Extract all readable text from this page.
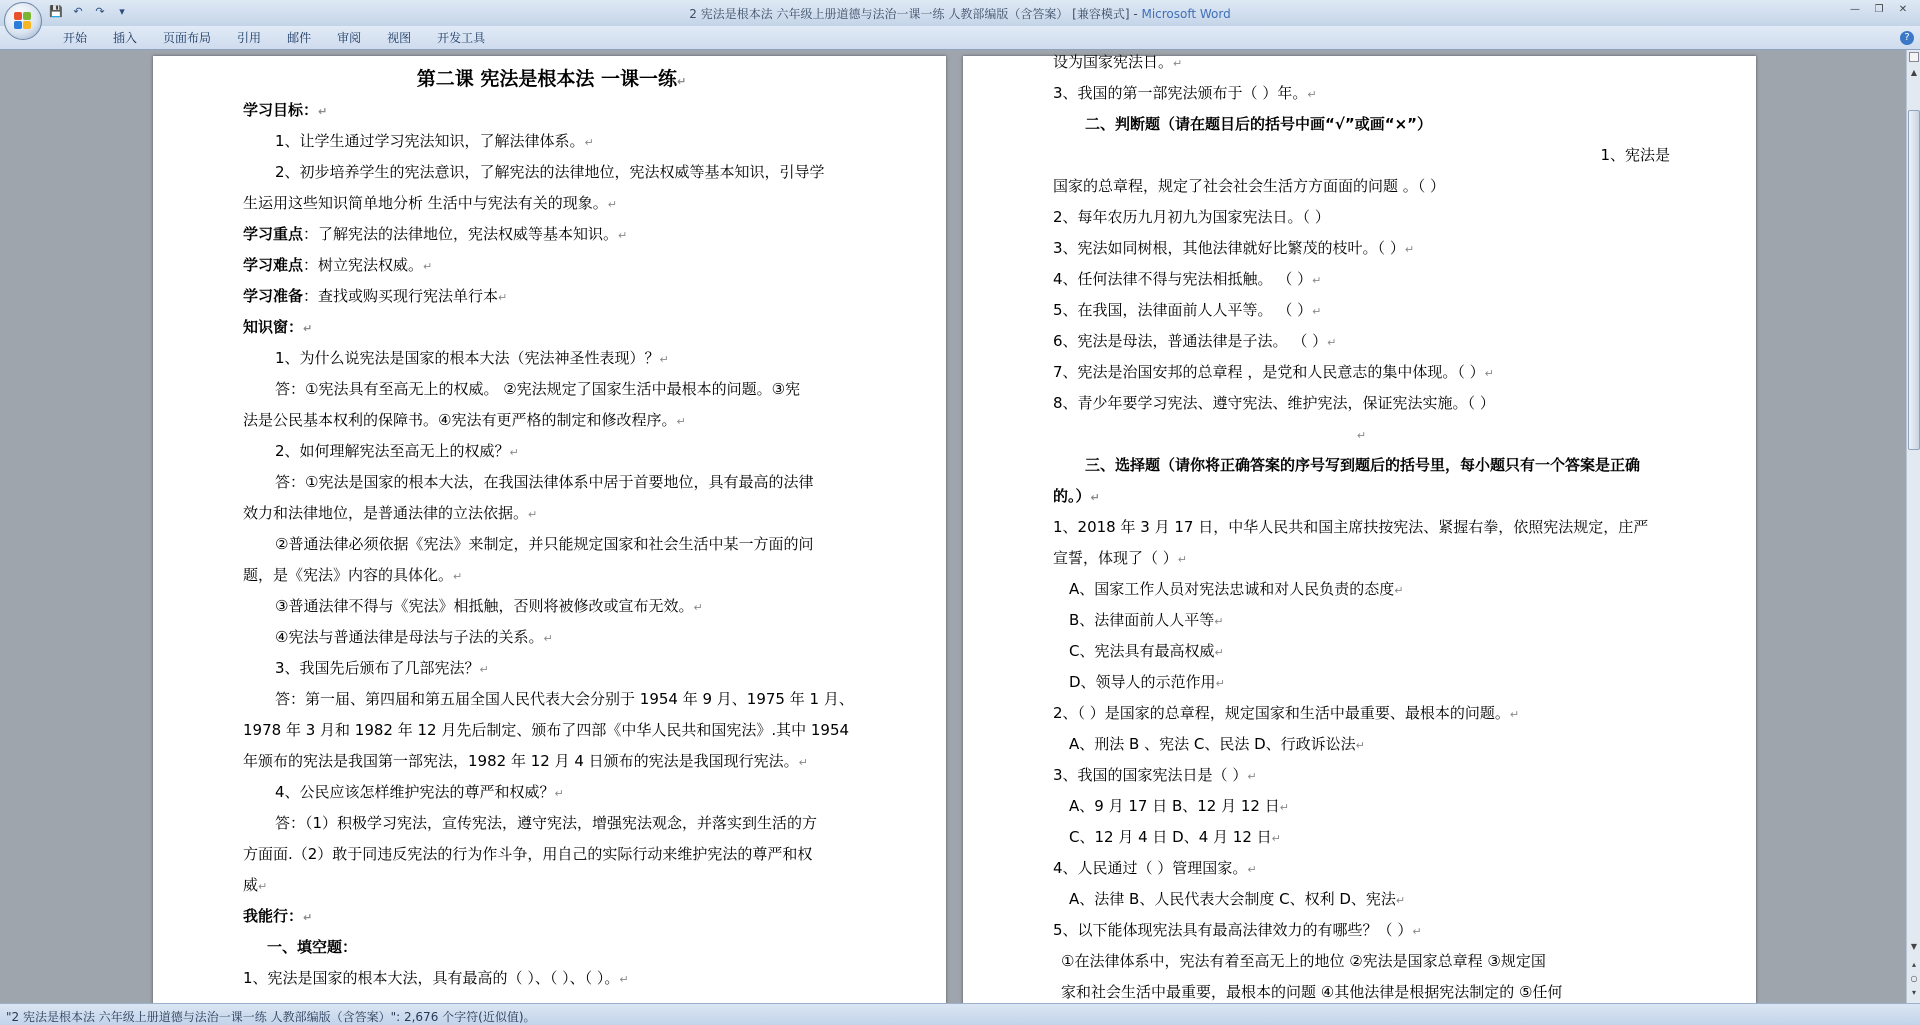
💾 ↶	↷	▾	2 宪法是根本法 六年级上册道德与法治一课一练 人教部编版（含答案） [兼容模式] - Microsoft Word	—	❐	✕
开始	插入	页面布局	引用	邮件	审阅	视图	开发工具	?
第二课 宪法是根本法 一课一练↵
学习目标：↵
1、让学生通过学习宪法知识，了解法律体系。↵
2、初步培养学生的宪法意识，了解宪法的法律地位，宪法权威等基本知识，引导学
生运用这些知识简单地分析 生活中与宪法有关的现象。↵
学习重点：了解宪法的法律地位，宪法权威等基本知识。↵
学习难点：树立宪法权威。↵
学习准备：查找或购买现行宪法单行本↵
知识窗：↵
1、为什么说宪法是国家的根本大法（宪法神圣性表现）？↵
答：①宪法具有至高无上的权威。 ②宪法规定了国家生活中最根本的问题。③宪
法是公民基本权利的保障书。④宪法有更严格的制定和修改程序。↵
2、如何理解宪法至高无上的权威？↵
答：①宪法是国家的根本大法，在我国法律体系中居于首要地位，具有最高的法律
效力和法律地位，是普通法律的立法依据。↵
②普通法律必须依据《宪法》来制定，并只能规定国家和社会生活中某一方面的问
题，是《宪法》内容的具体化。↵
③普通法律不得与《宪法》相抵触，否则将被修改或宣布无效。↵
④宪法与普通法律是母法与子法的关系。↵
3、我国先后颁布了几部宪法？↵
答：第一届、第四届和第五届全国人民代表大会分别于 1954 年 9 月、1975 年 1 月、
1978 年 3 月和 1982 年 12 月先后制定、颁布了四部《中华人民共和国宪法》.其中 1954
年颁布的宪法是我国第一部宪法，1982 年 12 月 4 日颁布的宪法是我国现行宪法。↵
4、公民应该怎样维护宪法的尊严和权威？↵
答：（1）积极学习宪法，宣传宪法，遵守宪法，增强宪法观念，并落实到生活的方
方面面.（2）敢于同违反宪法的行为作斗争，用自己的实际行动来维护宪法的尊严和权
威↵
我能行：↵
一、填空题：
1、宪法是国家的根本大法，具有最高的（ ）、（ ）、（ ）。↵
设为国家宪法日。↵
3、我国的第一部宪法颁布于（ ）年。↵
二、判断题（请在题目后的括号中画“√”或画“×”）
1、宪法是
国家的总章程，规定了社会社会生活方方面面的问题 。（ ）
2、每年农历九月初九为国家宪法日。（ ）
3、宪法如同树根，其他法律就好比繁茂的枝叶。（ ）↵
4、任何法律不得与宪法相抵触。 （ ）↵
5、在我国，法律面前人人平等。 （ ）↵
6、宪法是母法，普通法律是子法。 （ ）↵
7、宪法是治国安邦的总章程 ，是党和人民意志的集中体现。（ ）↵
8、青少年要学习宪法、遵守宪法、维护宪法，保证宪法实施。（ ）
↵
三、选择题（请你将正确答案的序号写到题后的括号里，每小题只有一个答案是正确
的。）↵
1、2018 年 3 月 17 日，中华人民共和国主席扶按宪法、紧握右拳，依照宪法规定，庄严
宣誓，体现了（ ）↵
A、国家工作人员对宪法忠诚和对人民负责的态度↵
B、法律面前人人平等↵
C、宪法具有最高权威↵
D、领导人的示范作用↵
2、（ ）是国家的总章程，规定国家和生活中最重要、最根本的问题。↵
A、刑法 B 、宪法 C、民法 D、行政诉讼法↵
3、我国的国家宪法日是（ ）↵
A、9 月 17 日 B、12 月 12 日↵
C、12 月 4 日 D、4 月 12 日↵
4、人民通过（ ）管理国家。↵
A、法律 B、人民代表大会制度 C、权利 D、宪法↵
5、以下能体现宪法具有最高法律效力的有哪些？（ ）↵
①在法律体系中，宪法有着至高无上的地位 ②宪法是国家总章程 ③规定国
家和社会生活中最重要，最根本的问题 ④其他法律是根据宪法制定的 ⑤任何
▲
▼
▴
○
▾
"2 宪法是根本法 六年级上册道德与法治一课一练 人教部编版（含答案）": 2,676 个字符(近似值)。
